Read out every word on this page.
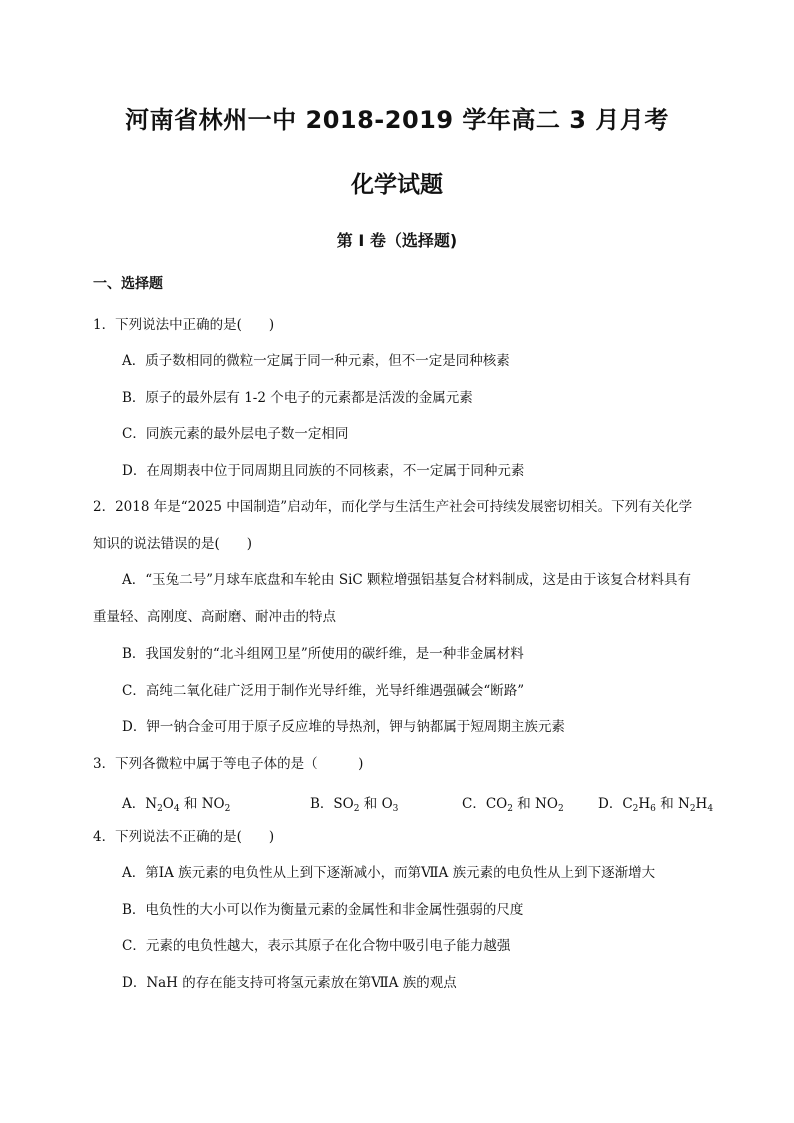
河南省林州一中 2018-2019 学年高二 3 月月考
化学试题
第 I 卷（选择题)
一、选择题
1．下列说法中正确的是(　　)
A．质子数相同的微粒一定属于同一种元素，但不一定是同种核素
B．原子的最外层有 1-2 个电子的元素都是活泼的金属元素
C．同族元素的最外层电子数一定相同
D．在周期表中位于同周期且同族的不同核素，不一定属于同种元素
2．2018 年是“2025 中国制造”启动年，而化学与生活生产社会可持续发展密切相关。下列有关化学
知识的说法错误的是(　　)
A．“玉兔二号”月球车底盘和车轮由 SiC 颗粒增强铝基复合材料制成，这是由于该复合材料具有
重量轻、高刚度、高耐磨、耐冲击的特点
B．我国发射的“北斗组网卫星”所使用的碳纤维，是一种非金属材料
C．高纯二氧化硅广泛用于制作光导纤维，光导纤维遇强碱会“断路”
D．钾一钠合金可用于原子反应堆的导热剂，钾与钠都属于短周期主族元素
3．下列各微粒中属于等电子体的是（　　　)
A．$N_2O_4$ 和 $NO_2$	B．$SO_2$ 和 $O_3$	C．$CO_2$ 和 $NO_2$	D．$C_2H_6$ 和 $N_2H_4$
4．下列说法不正确的是(　　)
A．第ⅠA 族元素的电负性从上到下逐渐减小，而第ⅦA 族元素的电负性从上到下逐渐增大
B．电负性的大小可以作为衡量元素的金属性和非金属性强弱的尺度
C．元素的电负性越大，表示其原子在化合物中吸引电子能力越强
D．NaH 的存在能支持可将氢元素放在第ⅦA 族的观点
